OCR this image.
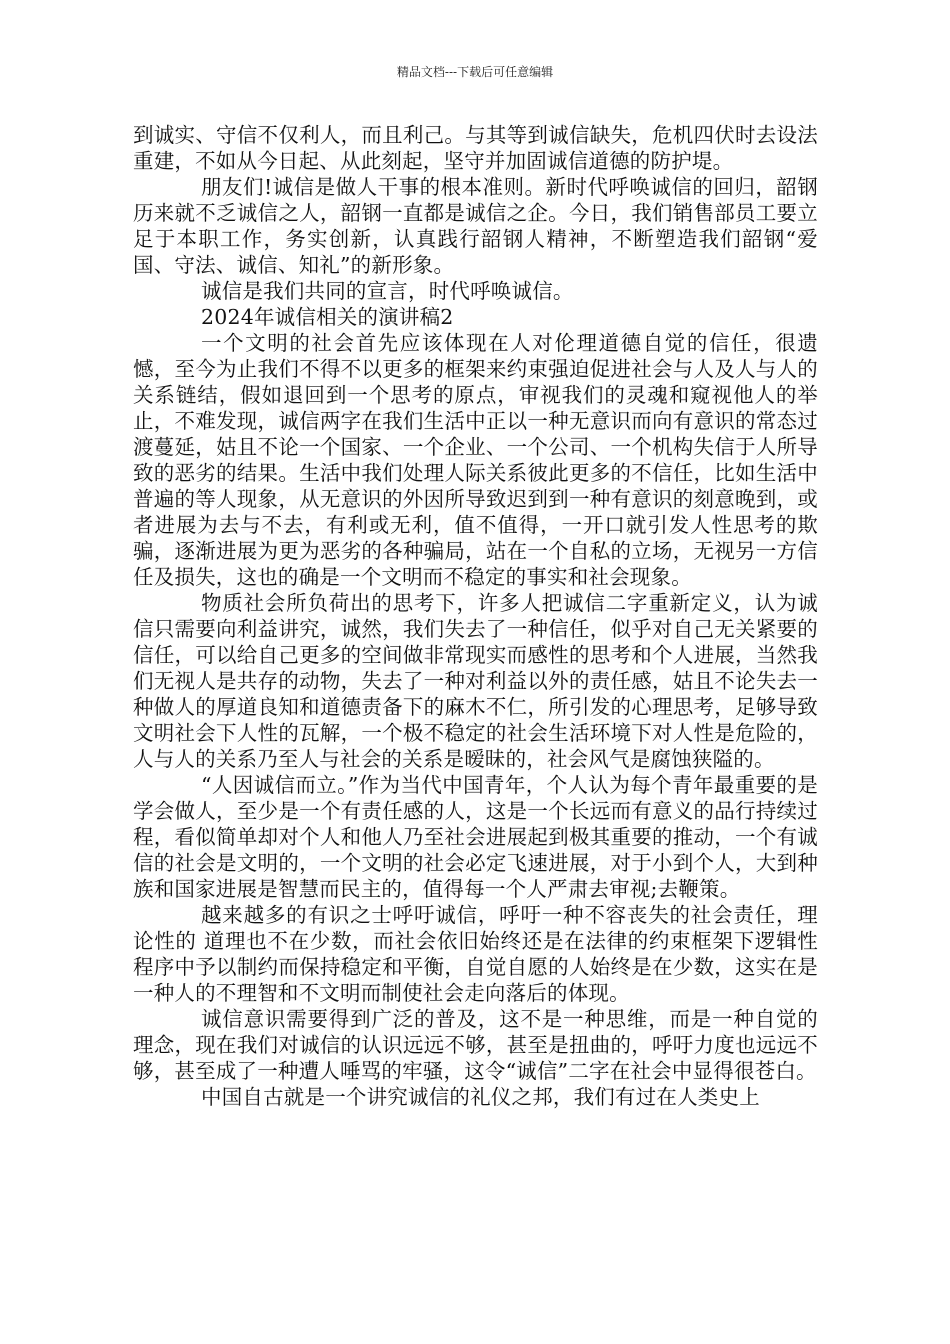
精品文档---下载后可任意编辑

到诚实、守信不仅利人，而且利己。与其等到诚信缺失，危机四伏时去设法重建，不如从今日起、从此刻起，坚守并加固诚信道德的防护堤。

朋友们!诚信是做人干事的根本准则。新时代呼唤诚信的回归，韶钢历来就不乏诚信之人，韶钢一直都是诚信之企。今日，我们销售部员工要立足于本职工作，务实创新，认真践行韶钢人精神，不断塑造我们韶钢“爱国、守法、诚信、知礼”的新形象。

诚信是我们共同的宣言，时代呼唤诚信。

2024年诚信相关的演讲稿2

一个文明的社会首先应该体现在人对伦理道德自觉的信任，很遗憾，至今为止我们不得不以更多的框架来约束强迫促进社会与人及人与人的关系链结，假如退回到一个思考的原点，审视我们的灵魂和窥视他人的举止，不难发现，诚信两字在我们生活中正以一种无意识而向有意识的常态过渡蔓延，姑且不论一个国家、一个企业、一个公司、一个机构失信于人所导致的恶劣的结果。生活中我们处理人际关系彼此更多的不信任，比如生活中普遍的等人现象，从无意识的外因所导致迟到到一种有意识的刻意晚到，或者进展为去与不去，有利或无利，值不值得，一开口就引发人性思考的欺骗，逐渐进展为更为恶劣的各种骗局，站在一个自私的立场，无视另一方信任及损失，这也的确是一个文明而不稳定的事实和社会现象。

物质社会所负荷出的思考下，许多人把诚信二字重新定义，认为诚信只需要向利益讲究，诚然，我们失去了一种信任，似乎对自己无关紧要的信任，可以给自己更多的空间做非常现实而感性的思考和个人进展，当然我们无视人是共存的动物，失去了一种对利益以外的责任感，姑且不论失去一种做人的厚道良知和道德责备下的麻木不仁，所引发的心理思考，足够导致文明社会下人性的瓦解，一个极不稳定的社会生活环境下对人性是危险的，人与人的关系乃至人与社会的关系是暧昧的，社会风气是腐蚀狭隘的。

“人因诚信而立。”作为当代中国青年，个人认为每个青年最重要的是学会做人，至少是一个有责任感的人，这是一个长远而有意义的品行持续过程，看似简单却对个人和他人乃至社会进展起到极其重要的推动，一个有诚信的社会是文明的，一个文明的社会必定飞速进展，对于小到个人，大到种族和国家进展是智慧而民主的，值得每一个人严肃去审视;去鞭策。

越来越多的有识之士呼吁诚信，呼吁一种不容丧失的社会责任，理论性的 道理也不在少数，而社会依旧始终还是在法律的约束框架下逻辑性程序中予以制约而保持稳定和平衡，自觉自愿的人始终是在少数，这实在是一种人的不理智和不文明而制使社会走向落后的体现。

诚信意识需要得到广泛的普及，这不是一种思维，而是一种自觉的理念，现在我们对诚信的认识远远不够，甚至是扭曲的，呼吁力度也远远不够，甚至成了一种遭人唾骂的牢骚，这令“诚信”二字在社会中显得很苍白。

中国自古就是一个讲究诚信的礼仪之邦，我们有过在人类史上
